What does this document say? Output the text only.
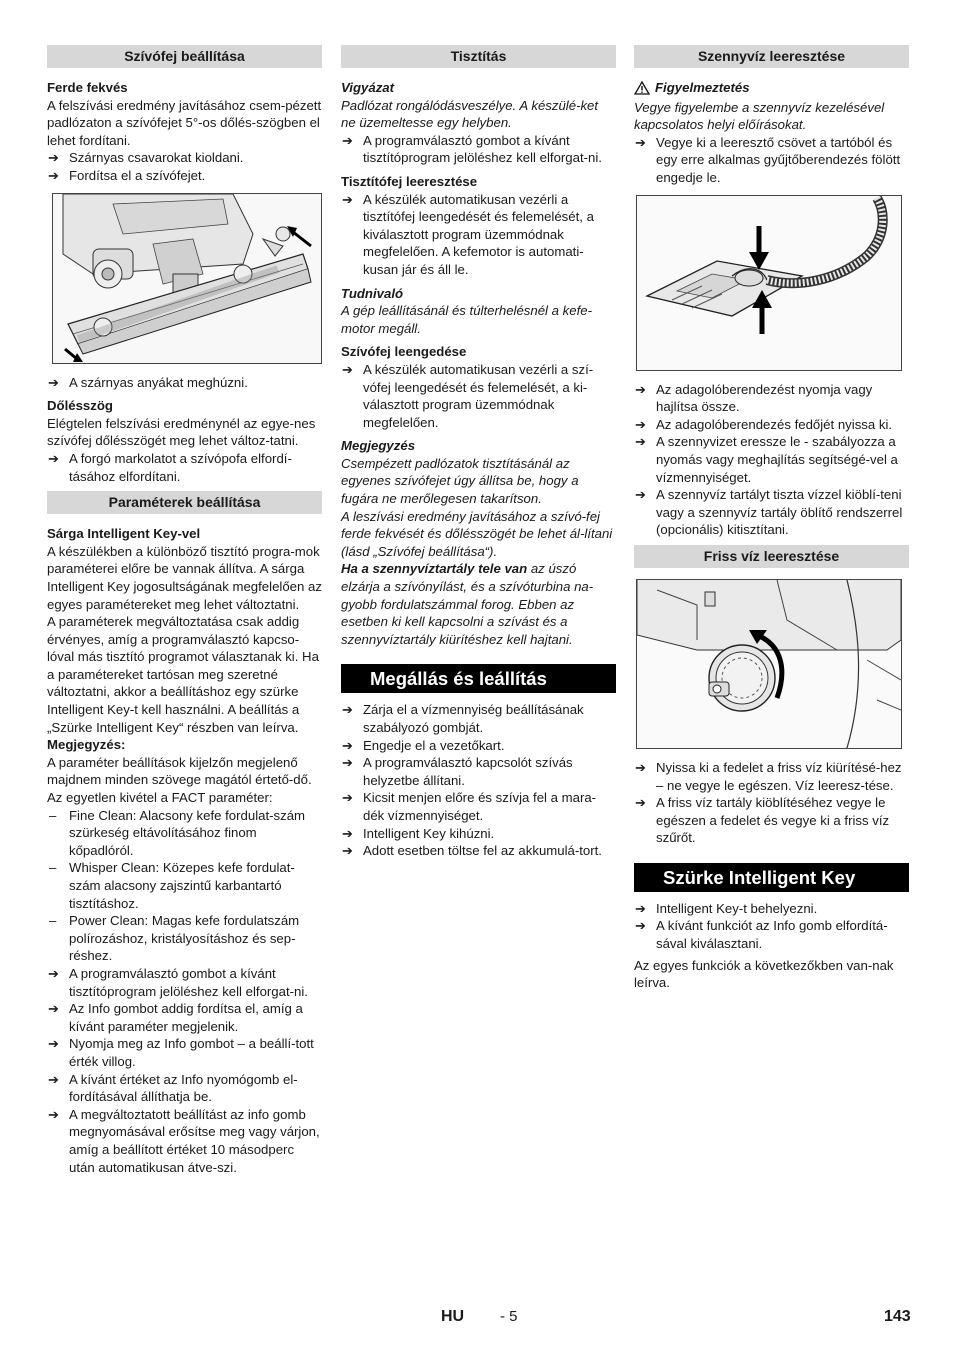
Szívófej beállítása
Ferde fekvés
A felszívási eredmény javításához csem-pézett padlózaton a szívófejet 5°-os dőlés-szögben el lehet fordítani.
➔ Szárnyas csavarokat kioldani.
➔ Fordítsa el a szívófejet.
➔ A szárnyas anyákat meghúzni.
Dőlésszög
Elégtelen felszívási eredménynél az egye-nes szívófej dőlésszögét meg lehet változ-tatni.
➔ A forgó markolatot a szívópofa elfordí-tásához elfordítani.
Paraméterek beállítása
Sárga Intelligent Key-vel
A készülékben a különböző tisztító progra-mok paraméterei előre be vannak állítva. A sárga Intelligent Key jogosultságának megfelelően az egyes paramétereket meg lehet változtatni.
A paraméterek megváltoztatása csak addig érvényes, amíg a programválasztó kapcso-lóval más tisztító programot választanak ki. Ha a paramétereket tartósan meg szeretné változtatni, akkor a beállításhoz egy szürke Intelligent Key-t kell használni. A beállítás a „Szürke Intelligent Key“ részben van leírva.
Megjegyzés:
A paraméter beállítások kijelzőn megjelenő majdnem minden szövege magától értető-dő. Az egyetlen kivétel a FACT paraméter:
– Fine Clean: Alacsony kefe fordulat-szám szürkeség eltávolításához finom kőpadlóról.
– Whisper Clean: Közepes kefe fordulat-szám alacsony zajszintű karbantartó tisztításhoz.
– Power Clean: Magas kefe fordulatszám polírozáshoz, kristályosításhoz és sep-réshez.
➔ A programválasztó gombot a kívánt tisztítóprogram jelöléshez kell elforgat-ni.
➔ Az Info gombot addig fordítsa el, amíg a kívánt paraméter megjelenik.
➔ Nyomja meg az Info gombot – a beállí-tott érték villog.
➔ A kívánt értéket az Info nyomógomb el-fordításával állíthatja be.
➔ A megváltoztatott beállítást az info gomb megnyomásával erősítse meg vagy várjon, amíg a beállított értéket 10 másodperc után automatikusan átve-szi.
Tisztítás
Vigyázat
Padlózat rongálódásveszélye. A készülé-ket ne üzemeltesse egy helyben.
➔ A programválasztó gombot a kívánt tisztítóprogram jelöléshez kell elforgat-ni.
Tisztítófej leeresztése
➔ A készülék automatikusan vezérli a tisztítófej leengedését és felemelését, a kiválasztott program üzemmódnak megfelelően. A kefemotor is automati-kusan jár és áll le.
Tudnivaló
A gép leállításánál és túlterhelésnél a kefe-motor megáll.
Szívófej leengedése
➔ A készülék automatikusan vezérli a szí-vófej leengedését és felemelését, a ki-választott program üzemmódnak megfelelően.
Megjegyzés
Csempézett padlózatok tisztításánál az egyenes szívófejet úgy állítsa be, hogy a fugára ne merőlegesen takarítson.
A leszívási eredmény javításához a szívó-fej ferde fekvését és dőlésszögét be lehet ál-lítani (lásd „Szívófej beállítása“).
Ha a szennyvíztartály tele van az úszó elzárja a szívónyílást, és a szívóturbina na-gyobb fordulatszámmal forog. Ebben az esetben ki kell kapcsolni a szívást és a szennyvíztartály kiürítéshez kell hajtani.
Megállás és leállítás
➔ Zárja el a vízmennyiség beállításának szabályozó gombját.
➔ Engedje el a vezetőkart.
➔ A programválasztó kapcsolót szívás helyzetbe állítani.
➔ Kicsit menjen előre és szívja fel a mara-dék vízmennyiséget.
➔ Intelligent Key kihúzni.
➔ Adott esetben töltse fel az akkumulá-tort.
Szennyvíz leeresztése
Figyelmeztetés
Vegye figyelembe a szennyvíz kezelésével kapcsolatos helyi előírásokat.
➔ Vegye ki a leeresztő csövet a tartóból és egy erre alkalmas gyűjtőberendezés fölött engedje le.
➔ Az adagolóberendezést nyomja vagy hajlítsa össze.
➔ Az adagolóberendezés fedőjét nyissa ki.
➔ A szennyvizet eressze le - szabályozza a nyomás vagy meghajlítás segítségé-vel a vízmennyiséget.
➔ A szennyvíz tartályt tiszta vízzel kiöblí-teni vagy a szennyvíz tartály öblítő rendszerrel (opcionális) kitisztítani.
Friss víz leeresztése
➔ Nyissa ki a fedelet a friss víz kiürítésé-hez – ne vegye le egészen. Víz leeresz-tése.
➔ A friss víz tartály kiöblítéséhez vegye le egészen a fedelet és vegye ki a friss víz szűrőt.
Szürke Intelligent Key
➔ Intelligent Key-t behelyezni.
➔ A kívánt funkciót az Info gomb elfordítá-sával kiválasztani.
Az egyes funkciók a következőkben van-nak leírva.
HU - 5	143
